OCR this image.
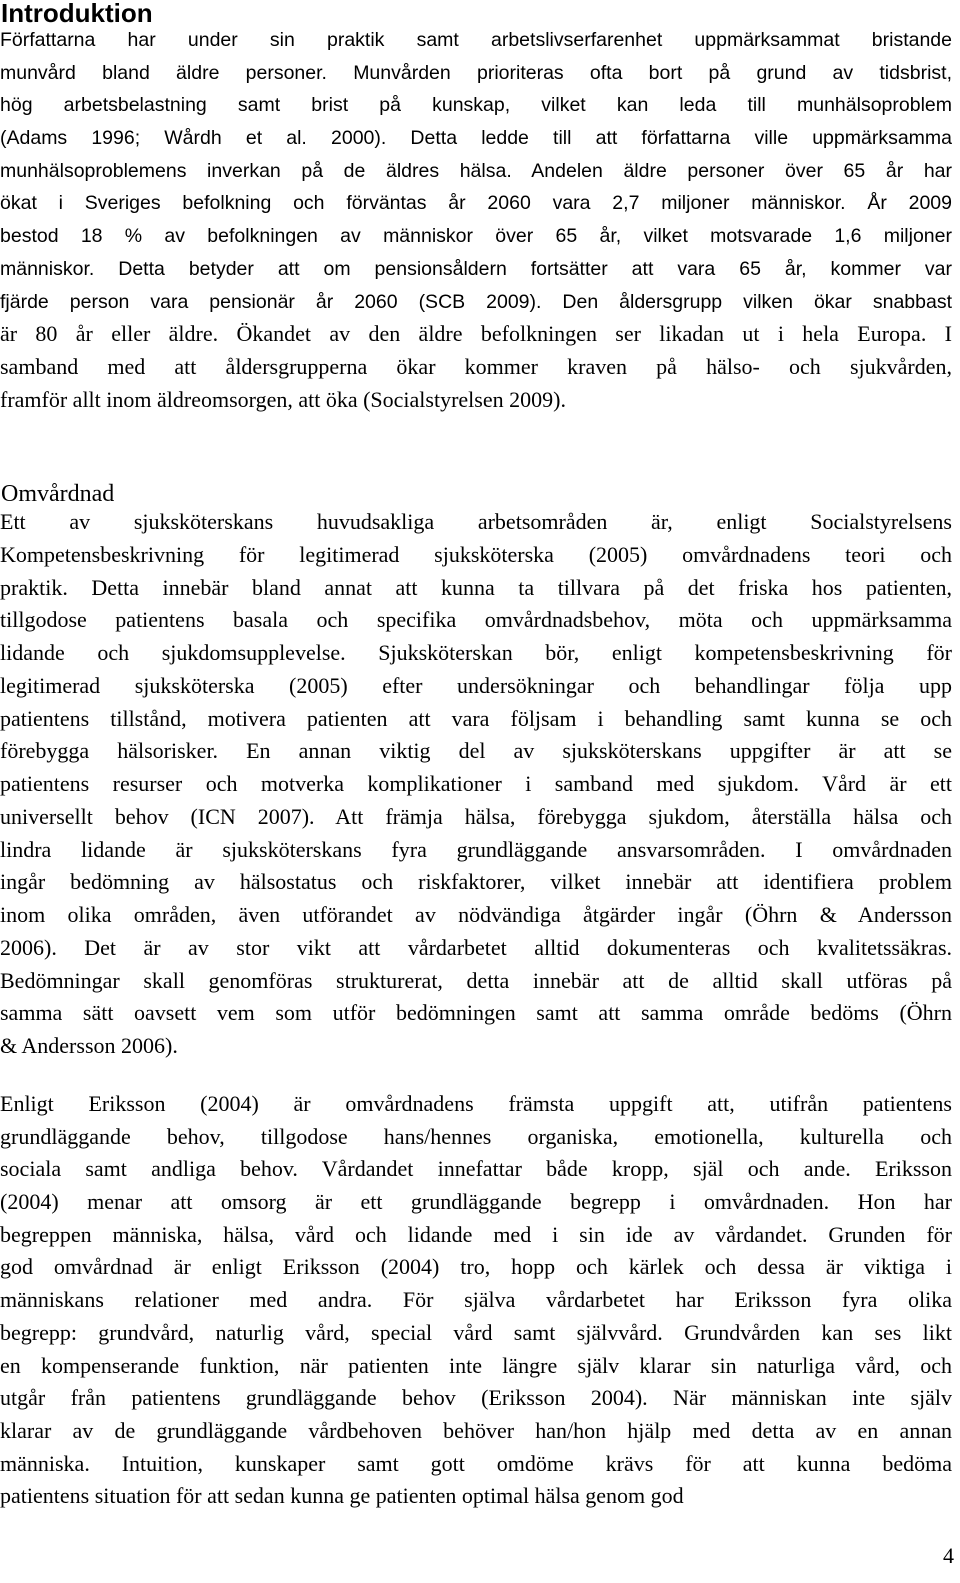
Introduktion
Författarna har under sin praktik samt arbetslivserfarenhet uppmärksammat bristande
munvård bland äldre personer. Munvården prioriteras ofta bort på grund av tidsbrist,
hög arbetsbelastning samt brist på kunskap, vilket kan leda till munhälsoproblem
(Adams 1996; Wårdh et al. 2000). Detta ledde till att författarna ville uppmärksamma
munhälsoproblemens inverkan på de äldres hälsa. Andelen äldre personer över 65 år har
ökat i Sveriges befolkning och förväntas år 2060 vara 2,7 miljoner människor. År 2009
bestod 18 % av befolkningen av människor över 65 år, vilket motsvarade 1,6 miljoner
människor. Detta betyder att om pensionsåldern fortsätter att vara 65 år, kommer var
fjärde person vara pensionär år 2060 (SCB 2009). Den åldersgrupp vilken ökar snabbast
är 80 år eller äldre. Ökandet av den äldre befolkningen ser likadan ut i hela Europa. I
samband med att åldersgrupperna ökar kommer kraven på hälso- och sjukvården,
framför allt inom äldreomsorgen, att öka (Socialstyrelsen 2009).
Omvårdnad
Ett av sjuksköterskans huvudsakliga arbetsområden är, enligt Socialstyrelsens
Kompetensbeskrivning för legitimerad sjuksköterska (2005) omvårdnadens teori och
praktik. Detta innebär bland annat att kunna ta tillvara på det friska hos patienten,
tillgodose patientens basala och specifika omvårdnadsbehov, möta och uppmärksamma
lidande och sjukdomsupplevelse. Sjuksköterskan bör, enligt kompetensbeskrivning för
legitimerad sjuksköterska (2005) efter undersökningar och behandlingar följa upp
patientens tillstånd, motivera patienten att vara följsam i behandling samt kunna se och
förebygga hälsorisker. En annan viktig del av sjuksköterskans uppgifter är att se
patientens resurser och motverka komplikationer i samband med sjukdom. Vård är ett
universellt behov (ICN 2007). Att främja hälsa, förebygga sjukdom, återställa hälsa och
lindra lidande är sjuksköterskans fyra grundläggande ansvarsområden. I omvårdnaden
ingår bedömning av hälsostatus och riskfaktorer, vilket innebär att identifiera problem
inom olika områden, även utförandet av nödvändiga åtgärder ingår (Öhrn & Andersson
2006). Det är av stor vikt att vårdarbetet alltid dokumenteras och kvalitetssäkras.
Bedömningar skall genomföras strukturerat, detta innebär att de alltid skall utföras på
samma sätt oavsett vem som utför bedömningen samt att samma område bedöms (Öhrn
& Andersson 2006).
Enligt Eriksson (2004) är omvårdnadens främsta uppgift att, utifrån patientens
grundläggande behov, tillgodose hans/hennes organiska, emotionella, kulturella och
sociala samt andliga behov. Vårdandet innefattar både kropp, själ och ande. Eriksson
(2004) menar att omsorg är ett grundläggande begrepp i omvårdnaden. Hon har
begreppen människa, hälsa, vård och lidande med i sin ide av vårdandet. Grunden för
god omvårdnad är enligt Eriksson (2004) tro, hopp och kärlek och dessa är viktiga i
människans relationer med andra. För själva vårdarbetet har Eriksson fyra olika
begrepp: grundvård, naturlig vård, special vård samt självvård. Grundvården kan ses likt
en kompenserande funktion, när patienten inte längre själv klarar sin naturliga vård, och
utgår från patientens grundläggande behov (Eriksson 2004). När människan inte själv
klarar av de grundläggande vårdbehoven behöver han/hon hjälp med detta av en annan
människa. Intuition, kunskaper samt gott omdöme krävs för att kunna bedöma
patientens situation för att sedan kunna ge patienten optimal hälsa genom god
4
